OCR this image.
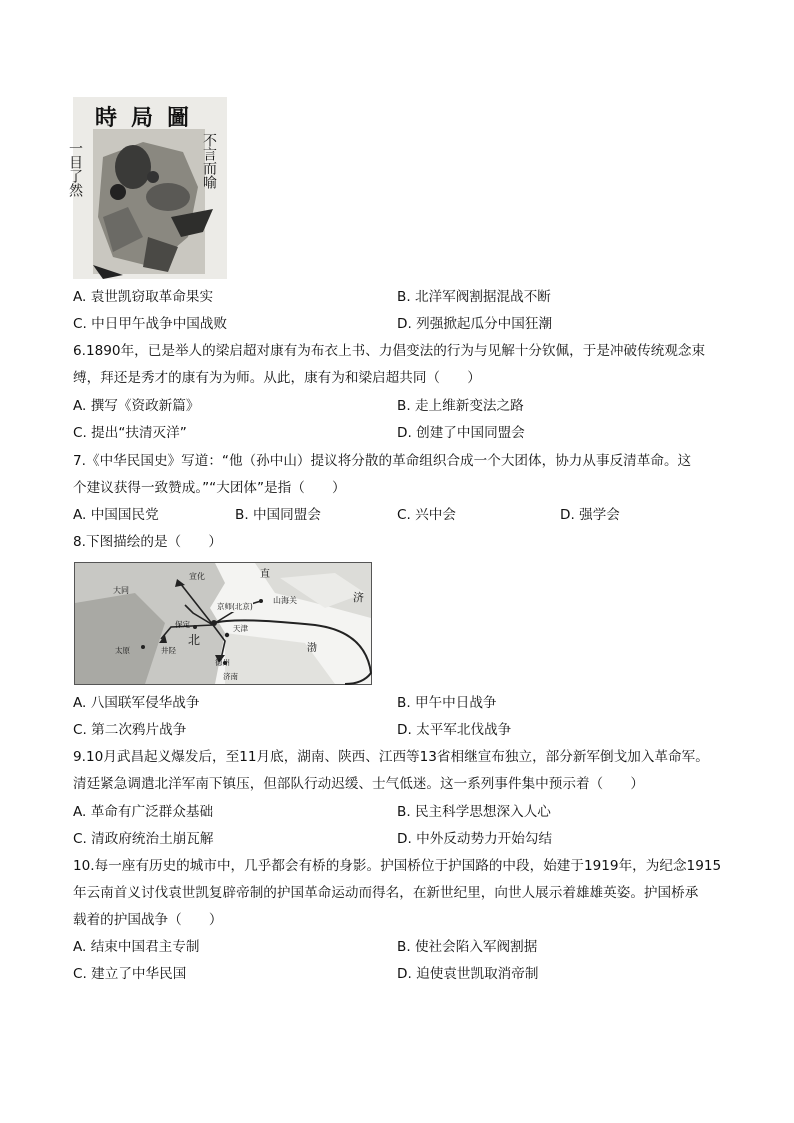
時局圖
一目了然	不言而喻
A. 袁世凯窃取革命果实	B. 北洋军阀割据混战不断
C. 中日甲午战争中国战败	D. 列强掀起瓜分中国狂潮
6.1890年，已是举人的梁启超对康有为布衣上书、力倡变法的行为与见解十分钦佩，于是冲破传统观念束
缚，拜还是秀才的康有为为师。从此，康有为和梁启超共同（　　）
A. 撰写《资政新篇》	B. 走上维新变法之路
C. 提出“扶清灭洋”	D. 创建了中国同盟会
7.《中华民国史》写道：“他（孙中山）提议将分散的革命组织合成一个大团体，协力从事反清革命。这
个建议获得一致赞成。”“大团体”是指（　　）
A. 中国国民党	B. 中国同盟会	C. 兴中会	D. 强学会
8.下图描绘的是（　　）
直
宣化
大同
京师(北京)
山海关
保定	天津
太原	井陉
德州
济南
北
济
渤
A. 八国联军侵华战争	B. 甲午中日战争
C. 第二次鸦片战争	D. 太平军北伐战争
9.10月武昌起义爆发后，至11月底，湖南、陕西、江西等13省相继宣布独立，部分新军倒戈加入革命军。
清廷紧急调遣北洋军南下镇压，但部队行动迟缓、士气低迷。这一系列事件集中预示着（　　）
A. 革命有广泛群众基础	B. 民主科学思想深入人心
C. 清政府统治土崩瓦解	D. 中外反动势力开始勾结
10.每一座有历史的城市中，几乎都会有桥的身影。护国桥位于护国路的中段，始建于1919年，为纪念1915
年云南首义讨伐袁世凯复辟帝制的护国革命运动而得名，在新世纪里，向世人展示着雄雄英姿。护国桥承
载着的护国战争（　　）
A. 结束中国君主专制	B. 使社会陷入军阀割据
C. 建立了中华民国	D. 迫使袁世凯取消帝制
